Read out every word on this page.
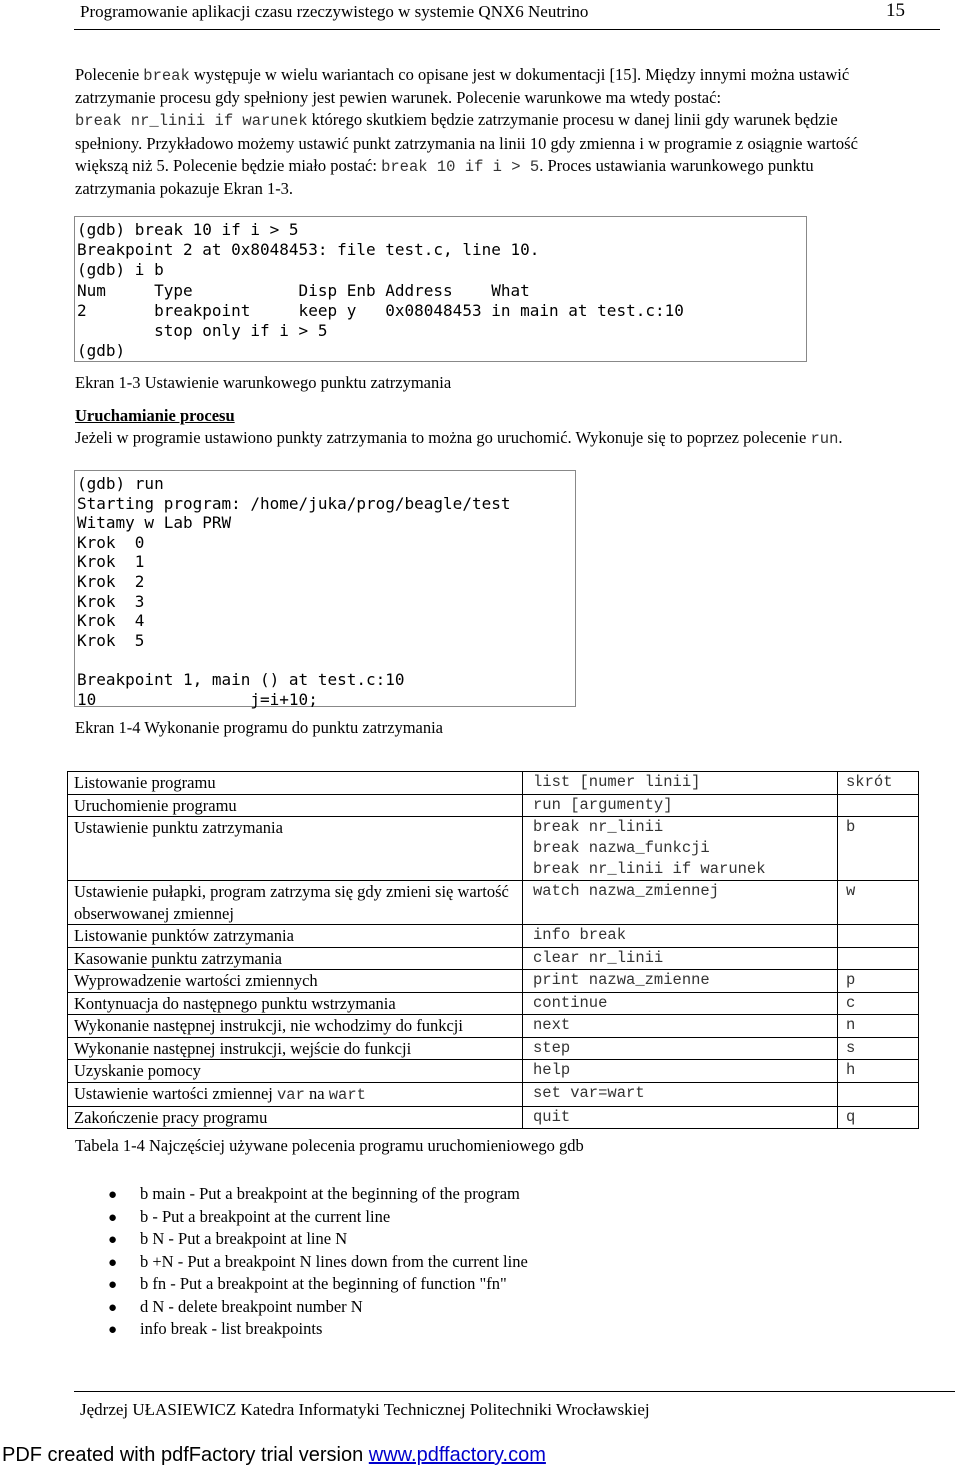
Programowanie aplikacji czasu rzeczywistego w systemie QNX6 Neutrino	15
Polecenie break występuje w wielu wariantach co opisane jest w dokumentacji [15]. Między innymi można ustawić
zatrzymanie procesu gdy spełniony jest pewien warunek. Polecenie warunkowe ma wtedy postać:
break nr_linii if warunek którego skutkiem będzie zatrzymanie procesu w danej linii gdy warunek będzie
spełniony. Przykładowo możemy ustawić punkt zatrzymania na linii 10 gdy zmienna i w programie z osiągnie wartość
większą niż 5. Polecenie będzie miało postać: break 10 if i > 5. Proces ustawiania warunkowego punktu
zatrzymania pokazuje Ekran 1-3.
(gdb) break 10 if i > 5
Breakpoint 2 at 0x8048453: file test.c, line 10.
(gdb) i b
Num     Type           Disp Enb Address    What
2       breakpoint     keep y   0x08048453 in main at test.c:10
stop only if i > 5
(gdb)
Ekran 1-3 Ustawienie warunkowego punktu zatrzymania
Uruchamianie procesu
Jeżeli w programie ustawiono punkty zatrzymania to można go uruchomić. Wykonuje się to poprzez polecenie run.
(gdb) run
Starting program: /home/juka/prog/beagle/test
Witamy w Lab PRW
Krok  0
Krok  1
Krok  2
Krok  3
Krok  4
Krok  5
Breakpoint 1, main () at test.c:10
10                j=i+10;
Ekran 1-4 Wykonanie programu do punktu zatrzymania
Listowanie programu	list [numer linii]	skrót

Uruchomienie programu	run [argumenty]	

Ustawienie punktu zatrzymania	break nr_linii
break nazwa_funkcji
break nr_linii if warunek	b

Ustawienie pułapki, program zatrzyma się gdy zmieni się wartość obserwowanej zmiennej	watch nazwa_zmiennej	w

Listowanie punktów zatrzymania	info break	

Kasowanie punktu zatrzymania	clear nr_linii	

Wyprowadzenie wartości zmiennych	print nazwa_zmienne	p

Kontynuacja do następnego punktu wstrzymania	continue	c

Wykonanie następnej instrukcji, nie wchodzimy do funkcji	next	n

Wykonanie następnej instrukcji, wejście do funkcji	step	s

Uzyskanie pomocy	help	h

Ustawienie wartości zmiennej var na wart	set var=wart	

Zakończenie pracy programu	quit	q
Tabela 1-4 Najczęściej używane polecenia programu uruchomieniowego gdb
● b main - Put a breakpoint at the beginning of the program
● b - Put a breakpoint at the current line
● b N - Put a breakpoint at line N
● b +N - Put a breakpoint N lines down from the current line
● b fn - Put a breakpoint at the beginning of function "fn"
● d N - delete breakpoint number N
● info break - list breakpoints
Jędrzej UŁASIEWICZ Katedra Informatyki Technicznej Politechniki Wrocławskiej
PDF created with pdfFactory trial version www.pdffactory.com
